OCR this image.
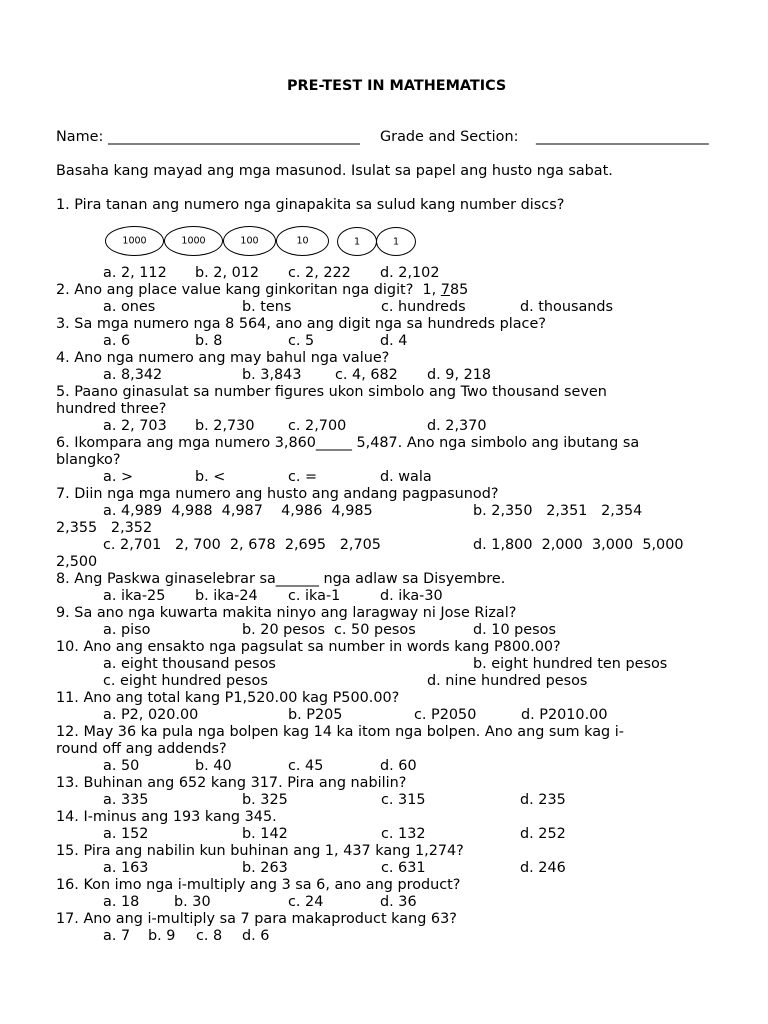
PRE-TEST IN MATHEMATICS
Name: ___________________________________ Grade and Section: ________________________
Basaha kang mayad ang mga masunod. Isulat sa papel ang husto nga sabat.
1. Pira tanan ang numero nga ginapakita sa sulud kang number discs?
1000	1000	100	10	1	1
a. 2, 112 b. 2, 012 c. 2, 222 d. 2,102
2. Ano ang place value kang ginkoritan nga digit?  1, 785
a. ones	b. tens	c. hundreds	d. thousands
3. Sa mga numero nga 8 564, ano ang digit nga sa hundreds place?
a. 6	b. 8	c. 5	d. 4
4. Ano nga numero ang may bahul nga value?
a. 8,342	b. 3,843 c. 4, 682 d. 9, 218
5. Paano ginasulat sa number figures ukon simbolo ang Two thousand seven
hundred three?
a. 2, 703 b. 2,730 c. 2,700	d. 2,370
6. Ikompara ang mga numero 3,860_____ 5,487. Ano nga simbolo ang ibutang sa
blangko?
a. >	b. <	c. =	d. wala
7. Diin nga mga numero ang husto ang andang pagpasunod?
a. 4,989  4,988  4,987    4,986  4,985	b. 2,350   2,351   2,354
2,355   2,352
c. 2,701   2, 700  2, 678  2,695   2,705	d. 1,800  2,000  3,000  5,000
2,500
8. Ang Paskwa ginaselebrar sa______ nga adlaw sa Disyembre.
a. ika-25 b. ika-24 c. ika-1	d. ika-30
9. Sa ano nga kuwarta makita ninyo ang laragway ni Jose Rizal?
a. piso	b. 20 pesos c. 50 pesos	d. 10 pesos
10. Ano ang ensakto nga pagsulat sa number in words kang P800.00?
a. eight thousand pesos	b. eight hundred ten pesos
c. eight hundred pesos	d. nine hundred pesos
11. Ano ang total kang P1,520.00 kag P500.00?
a. P2, 020.00	b. P205	c. P2050	d. P2010.00
12. May 36 ka pula nga bolpen kag 14 ka itom nga bolpen. Ano ang sum kag i-
round off ang addends?
a. 50	b. 40	c. 45	d. 60
13. Buhinan ang 652 kang 317. Pira ang nabilin?
a. 335	b. 325	c. 315	d. 235
14. I-minus ang 193 kang 345.
a. 152	b. 142	c. 132	d. 252
15. Pira ang nabilin kun buhinan ang 1, 437 kang 1,274?
a. 163	b. 263	c. 631	d. 246
16. Kon imo nga i-multiply ang 3 sa 6, ano ang product?
a. 18 b. 30	c. 24	d. 36
17. Ano ang i-multiply sa 7 para makaproduct kang 63?
a. 7 b. 9 c. 8 d. 6
